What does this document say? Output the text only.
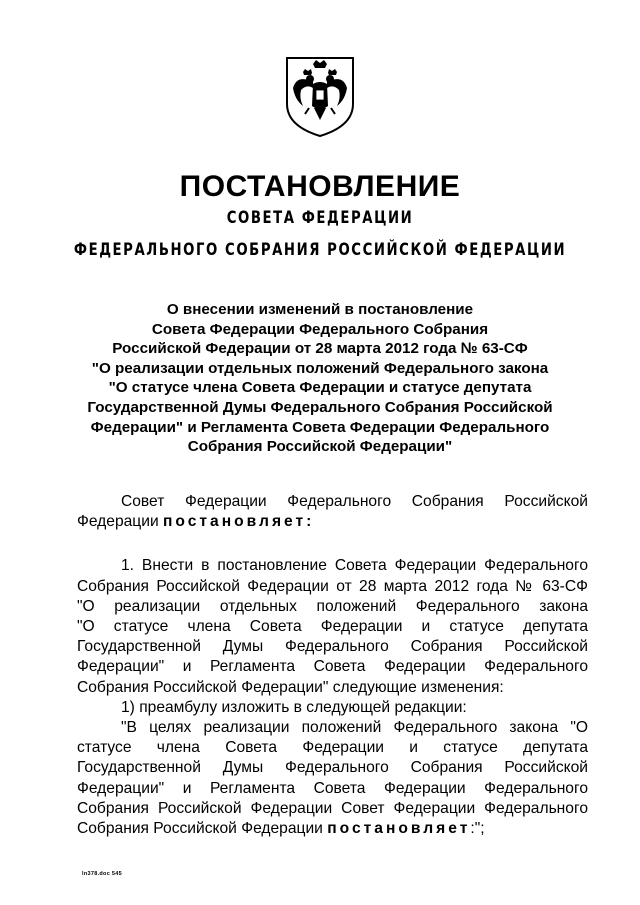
ПОСТАНОВЛЕНИЕ
СОВЕТА ФЕДЕРАЦИИ
ФЕДЕРАЛЬНОГО СОБРАНИЯ РОССИЙСКОЙ ФЕДЕРАЦИИ
О внесении изменений в постановление
Совета Федерации Федерального Собрания
Российской Федерации от 28 марта 2012 года № 63-СФ
"О реализации отдельных положений Федерального закона
"О статусе члена Совета Федерации и статусе депутата
Государственной Думы Федерального Собрания Российской
Федерации" и Регламента Совета Федерации Федерального
Собрания Российской Федерации"

Совет Федерации Федерального Собрания Российской
Федерации постановляет:

1. Внести в постановление Совета Федерации Федерального
Собрания Российской Федерации от 28 марта 2012 года № 63-СФ
"О реализации отдельных положений Федерального закона
"О статусе члена Совета Федерации и статусе депутата
Государственной Думы Федерального Собрания Российской
Федерации" и Регламента Совета Федерации Федерального
Собрания Российской Федерации" следующие изменения:
1) преамбулу изложить в следующей редакции:
"В целях реализации положений Федерального закона "О
статусе члена Совета Федерации и статусе депутата
Государственной Думы Федерального Собрания Российской
Федерации" и Регламента Совета Федерации Федерального
Собрания Российской Федерации Совет Федерации Федерального
Собрания Российской Федерации постановляет:";

ln378.doc 545
